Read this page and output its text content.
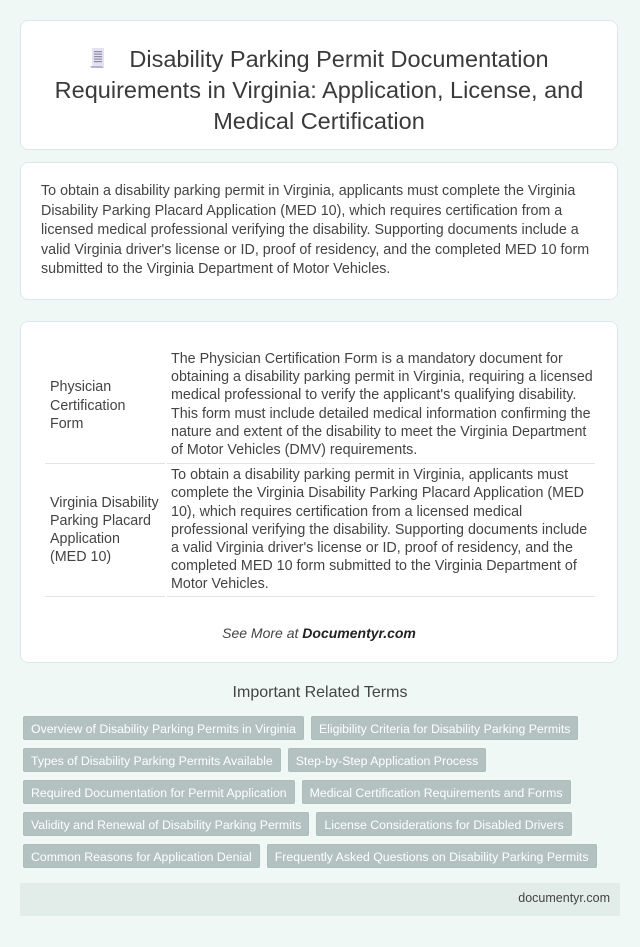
Disability Parking Permit Documentation Requirements in Virginia: Application, License, and Medical Certification

To obtain a disability parking permit in Virginia, applicants must complete the Virginia Disability Parking Placard Application (MED 10), which requires certification from a licensed medical professional verifying the disability. Supporting documents include a valid Virginia driver's license or ID, proof of residency, and the completed MED 10 form submitted to the Virginia Department of Motor Vehicles.

Physician Certification Form	The Physician Certification Form is a mandatory document for obtaining a disability parking permit in Virginia, requiring a licensed medical professional to verify the applicant's qualifying disability. This form must include detailed medical information confirming the nature and extent of the disability to meet the Virginia Department of Motor Vehicles (DMV) requirements.
Virginia Disability Parking Placard Application (MED 10)	To obtain a disability parking permit in Virginia, applicants must complete the Virginia Disability Parking Placard Application (MED 10), which requires certification from a licensed medical professional verifying the disability. Supporting documents include a valid Virginia driver's license or ID, proof of residency, and the completed MED 10 form submitted to the Virginia Department of Motor Vehicles.
See More at Documentyr.com
Important Related Terms
Overview of Disability Parking Permits in Virginia	Eligibility Criteria for Disability Parking Permits
Types of Disability Parking Permits Available	Step-by-Step Application Process
Required Documentation for Permit Application	Medical Certification Requirements and Forms
Validity and Renewal of Disability Parking Permits	License Considerations for Disabled Drivers
Common Reasons for Application Denial	Frequently Asked Questions on Disability Parking Permits
documentyr.com
